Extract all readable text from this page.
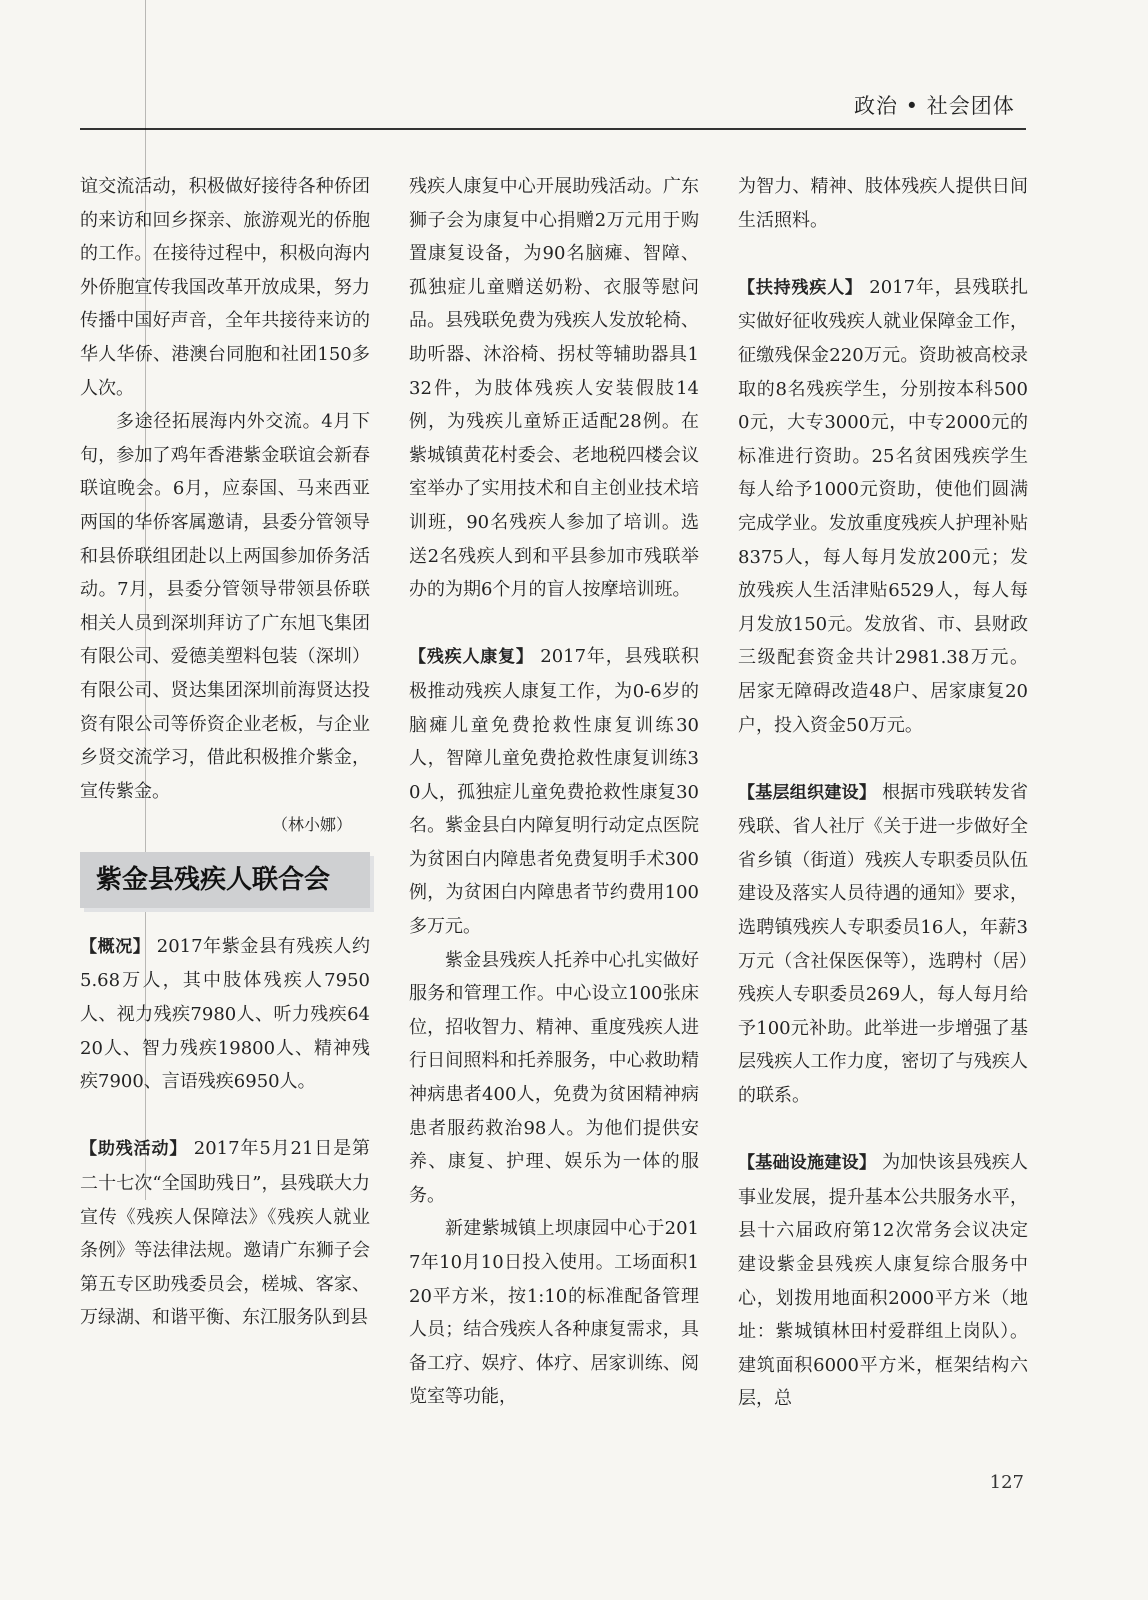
政治 • 社会团体

谊交流活动，积极做好接待各种侨团的来访和回乡探亲、旅游观光的侨胞的工作。在接待过程中，积极向海内外侨胞宣传我国改革开放成果，努力传播中国好声音，全年共接待来访的华人华侨、港澳台同胞和社团150多人次。

多途径拓展海内外交流。4月下旬，参加了鸡年香港紫金联谊会新春联谊晚会。6月，应泰国、马来西亚两国的华侨客属邀请，县委分管领导和县侨联组团赴以上两国参加侨务活动。7月，县委分管领导带领县侨联相关人员到深圳拜访了广东旭飞集团有限公司、爱德美塑料包装（深圳）有限公司、贤达集团深圳前海贤达投资有限公司等侨资企业老板，与企业乡贤交流学习，借此积极推介紫金，宣传紫金。

（林小娜）

紫金县残疾人联合会

【概况】 2017年紫金县有残疾人约5.68万人，其中肢体残疾人7950人、视力残疾7980人、听力残疾6420人、智力残疾19800人、精神残疾7900、言语残疾6950人。

【助残活动】 2017年5月21日是第二十七次“全国助残日”，县残联大力宣传《残疾人保障法》《残疾人就业条例》等法律法规。邀请广东狮子会第五专区助残委员会，槎城、客家、万绿湖、和谐平衡、东江服务队到县

残疾人康复中心开展助残活动。广东狮子会为康复中心捐赠2万元用于购置康复设备，为90名脑瘫、智障、孤独症儿童赠送奶粉、衣服等慰问品。县残联免费为残疾人发放轮椅、助听器、沐浴椅、拐杖等辅助器具132件，为肢体残疾人安装假肢14例，为残疾儿童矫正适配28例。在紫城镇黄花村委会、老地税四楼会议室举办了实用技术和自主创业技术培训班，90名残疾人参加了培训。选送2名残疾人到和平县参加市残联举办的为期6个月的盲人按摩培训班。

【残疾人康复】 2017年，县残联积极推动残疾人康复工作，为0-6岁的脑瘫儿童免费抢救性康复训练30人，智障儿童免费抢救性康复训练30人，孤独症儿童免费抢救性康复30名。紫金县白内障复明行动定点医院为贫困白内障患者免费复明手术300例，为贫困白内障患者节约费用100多万元。

紫金县残疾人托养中心扎实做好服务和管理工作。中心设立100张床位，招收智力、精神、重度残疾人进行日间照料和托养服务，中心救助精神病患者400人，免费为贫困精神病患者服药救治98人。为他们提供安养、康复、护理、娱乐为一体的服务。

新建紫城镇上坝康园中心于2017年10月10日投入使用。工场面积120平方米，按1:10的标准配备管理人员；结合残疾人各种康复需求，具备工疗、娱疗、体疗、居家训练、阅览室等功能，

为智力、精神、肢体残疾人提供日间生活照料。

【扶持残疾人】 2017年，县残联扎实做好征收残疾人就业保障金工作，征缴残保金220万元。资助被高校录取的8名残疾学生，分别按本科5000元，大专3000元，中专2000元的标准进行资助。25名贫困残疾学生每人给予1000元资助，使他们圆满完成学业。发放重度残疾人护理补贴8375人，每人每月发放200元；发放残疾人生活津贴6529人，每人每月发放150元。发放省、市、县财政三级配套资金共计2981.38万元。居家无障碍改造48户、居家康复20户，投入资金50万元。

【基层组织建设】 根据市残联转发省残联、省人社厅《关于进一步做好全省乡镇（街道）残疾人专职委员队伍建设及落实人员待遇的通知》要求，选聘镇残疾人专职委员16人，年薪3万元（含社保医保等），选聘村（居）残疾人专职委员269人，每人每月给予100元补助。此举进一步增强了基层残疾人工作力度，密切了与残疾人的联系。

【基础设施建设】 为加快该县残疾人事业发展，提升基本公共服务水平，县十六届政府第12次常务会议决定建设紫金县残疾人康复综合服务中心，划拨用地面积2000平方米（地址：紫城镇林田村爱群组上岗队）。建筑面积6000平方米，框架结构六层，总

127
